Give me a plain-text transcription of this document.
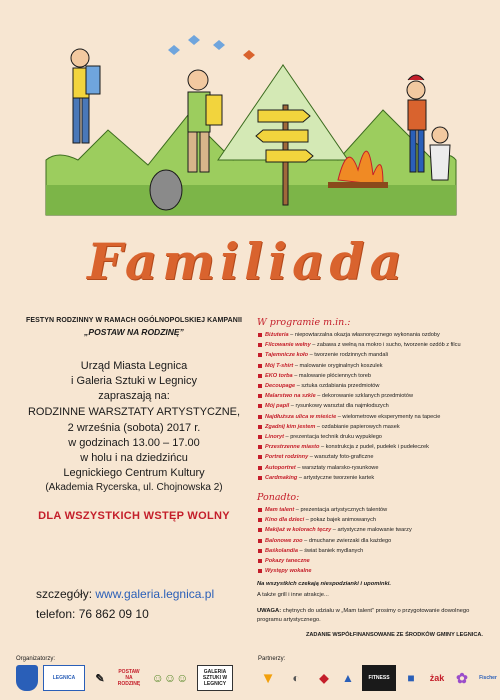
Familiada
FESTYN RODZINNY W RAMACH OGÓLNOPOLSKIEJ KAMPANII
„POSTAW NA RODZINĘ”
Urząd Miasta Legnica
i Galeria Sztuki w Legnicy
zapraszają na:
RODZINNE WARSZTATY ARTYSTYCZNE,
2 września (sobota) 2017 r.
w godzinach 13.00 – 17.00
w holu i na dziedzińcu
Legnickiego Centrum Kultury
(Akademia Rycerska, ul. Chojnowska 2)
DLA WSZYSTKICH WSTĘP WOLNY
szczegóły: www.galeria.legnica.pl
telefon: 76 862 09 10
W programie m.in.:
Biżuteria – niepowtarzalna okazja własnoręcznego wykonania ozdoby
Filcowanie wełny – zabawa z wełną na mokro i sucho, tworzenie ozdób z filcu
Tajemnicze koło – tworzenie rodzinnych mandali
Mój T-shirt – malowanie oryginalnych koszulek
EKO torba – malowanie płóciennych toreb
Decoupage – sztuka ozdabiania przedmiotów
Malarstwo na szkle – dekorowanie szklanych przedmiotów
Mój papil – rysunkowy warsztat dla najmłodszych
Najdłuższa ulica w mieście – wielometrowe eksperymenty na tapecie
Zgadnij kim jestem – ozdabianie papierowych masek
Linoryt – prezentacja technik druku wypukłego
Przestrzenne miasto – konstrukcja z pudeł, pudełek i pudełeczek
Portret rodzinny – warsztaty foto-graficzne
Autoportret – warsztaty malarsko-rysunkowe
Cardmaking – artystyczne tworzenie kartek
Ponadto:
Mam talent – prezentacja artystycznych talentów
Kino dla dzieci – pokaz bajek animowanych
Makijaż w kolorach tęczy – artystyczne malowanie twarzy
Balonowe zoo – dmuchane zwierzaki dla każdego
Baśkolandia – świat baniek mydlanych
Pokazy taneczne
Występy wokalne
Na wszystkich czekają niespodzianki i upominki.
A także grill i inne atrakcje...
UWAGA: chętnych do udziału w „Mam talent” prosimy o przygotowanie dowolnego programu artystycznego.
ZADANIE WSPÓŁFINANSOWANE ZE ŚRODKÓW GMINY LEGNICA.
Organizatorzy:
LEGNICA	✎
POSTAW NA RODZINĘ ☺☺☺	GALERIA SZTUKI W LEGNICY
Partnerzy:
▼	◐	◆	▲	FITNESS	■	żak ✿	Fischer
